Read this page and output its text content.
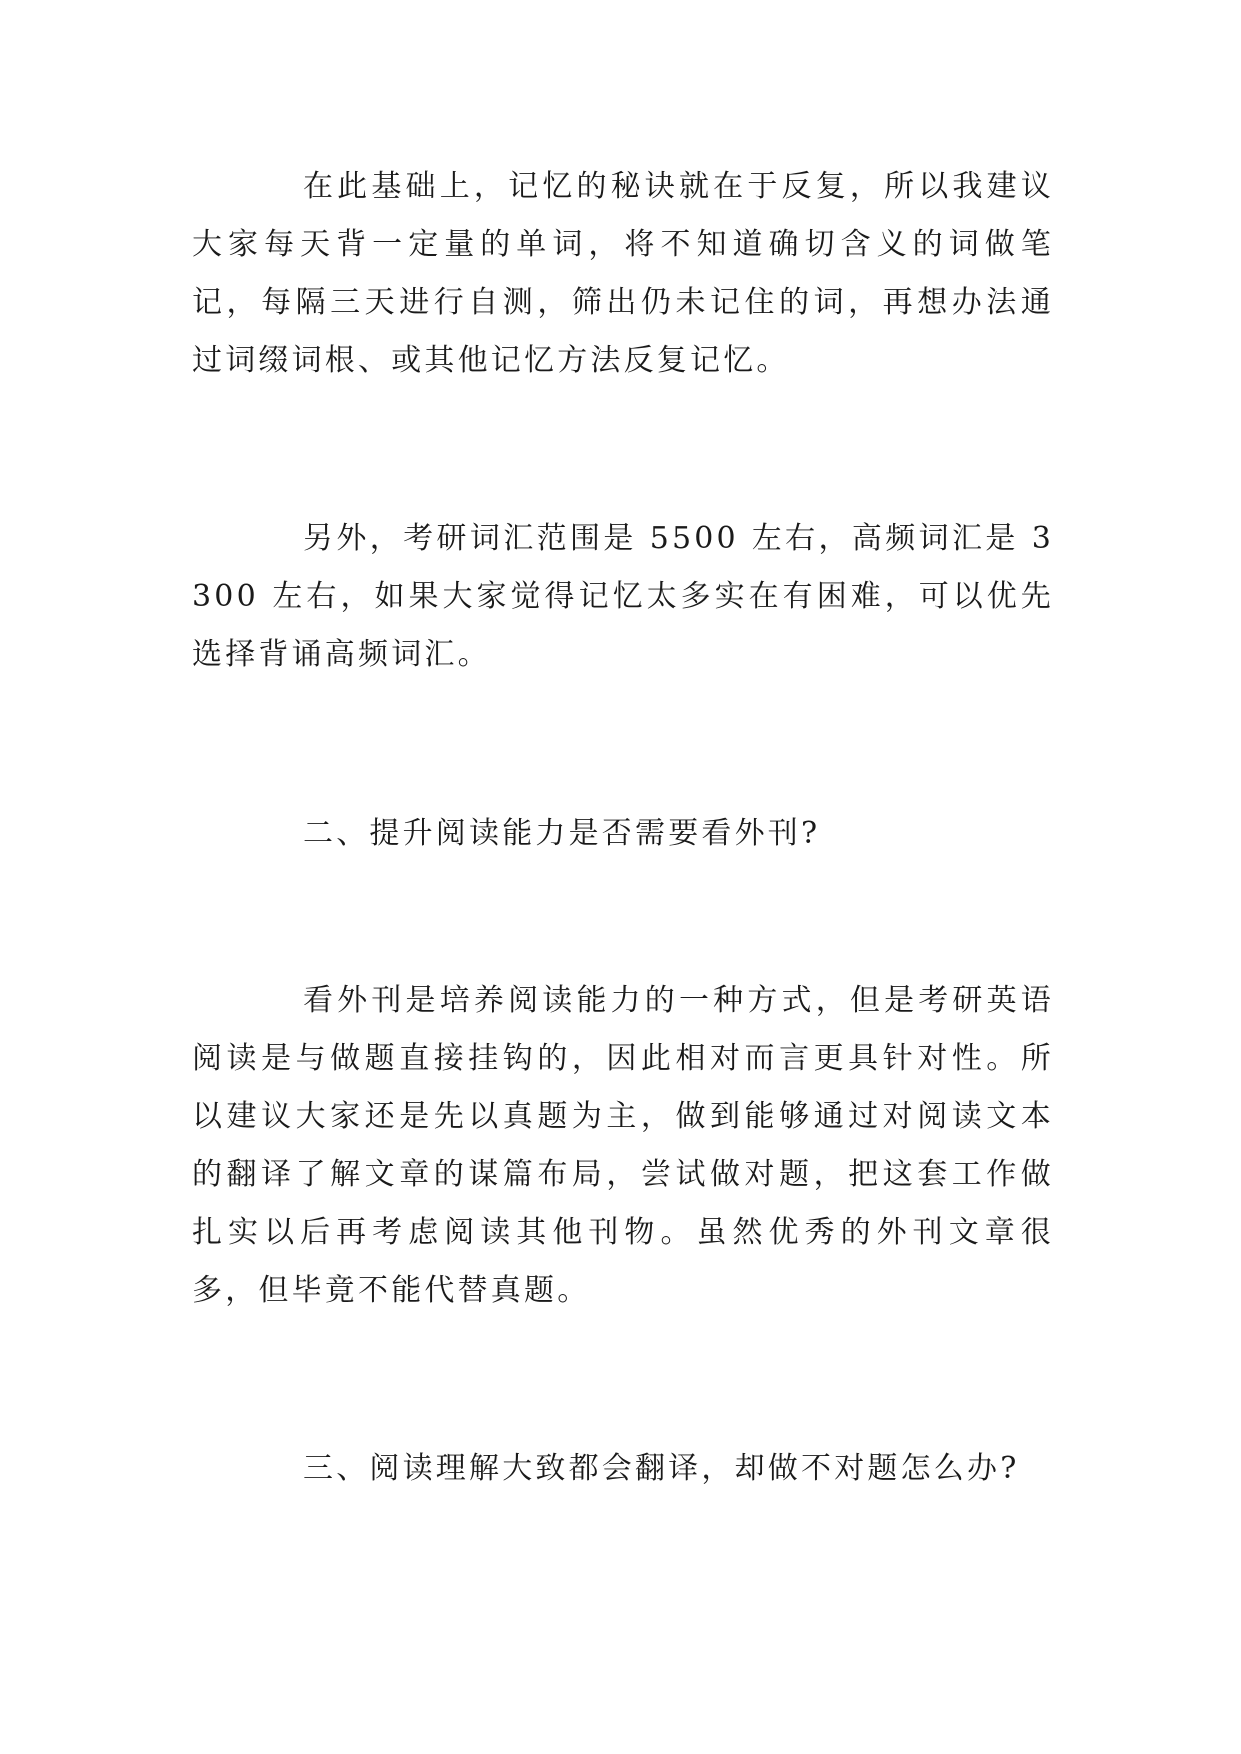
在此基础上，记忆的秘诀就在于反复，所以我建议大家每天背一定量的单词，将不知道确切含义的词做笔记，每隔三天进行自测，筛出仍未记住的词，再想办法通过词缀词根、或其他记忆方法反复记忆。

另外，考研词汇范围是 5500 左右，高频词汇是 3300 左右，如果大家觉得记忆太多实在有困难，可以优先选择背诵高频词汇。

二、提升阅读能力是否需要看外刊?

看外刊是培养阅读能力的一种方式，但是考研英语阅读是与做题直接挂钩的，因此相对而言更具针对性。所以建议大家还是先以真题为主，做到能够通过对阅读文本的翻译了解文章的谋篇布局，尝试做对题，把这套工作做扎实以后再考虑阅读其他刊物。虽然优秀的外刊文章很多，但毕竟不能代替真题。

三、阅读理解大致都会翻译，却做不对题怎么办?
